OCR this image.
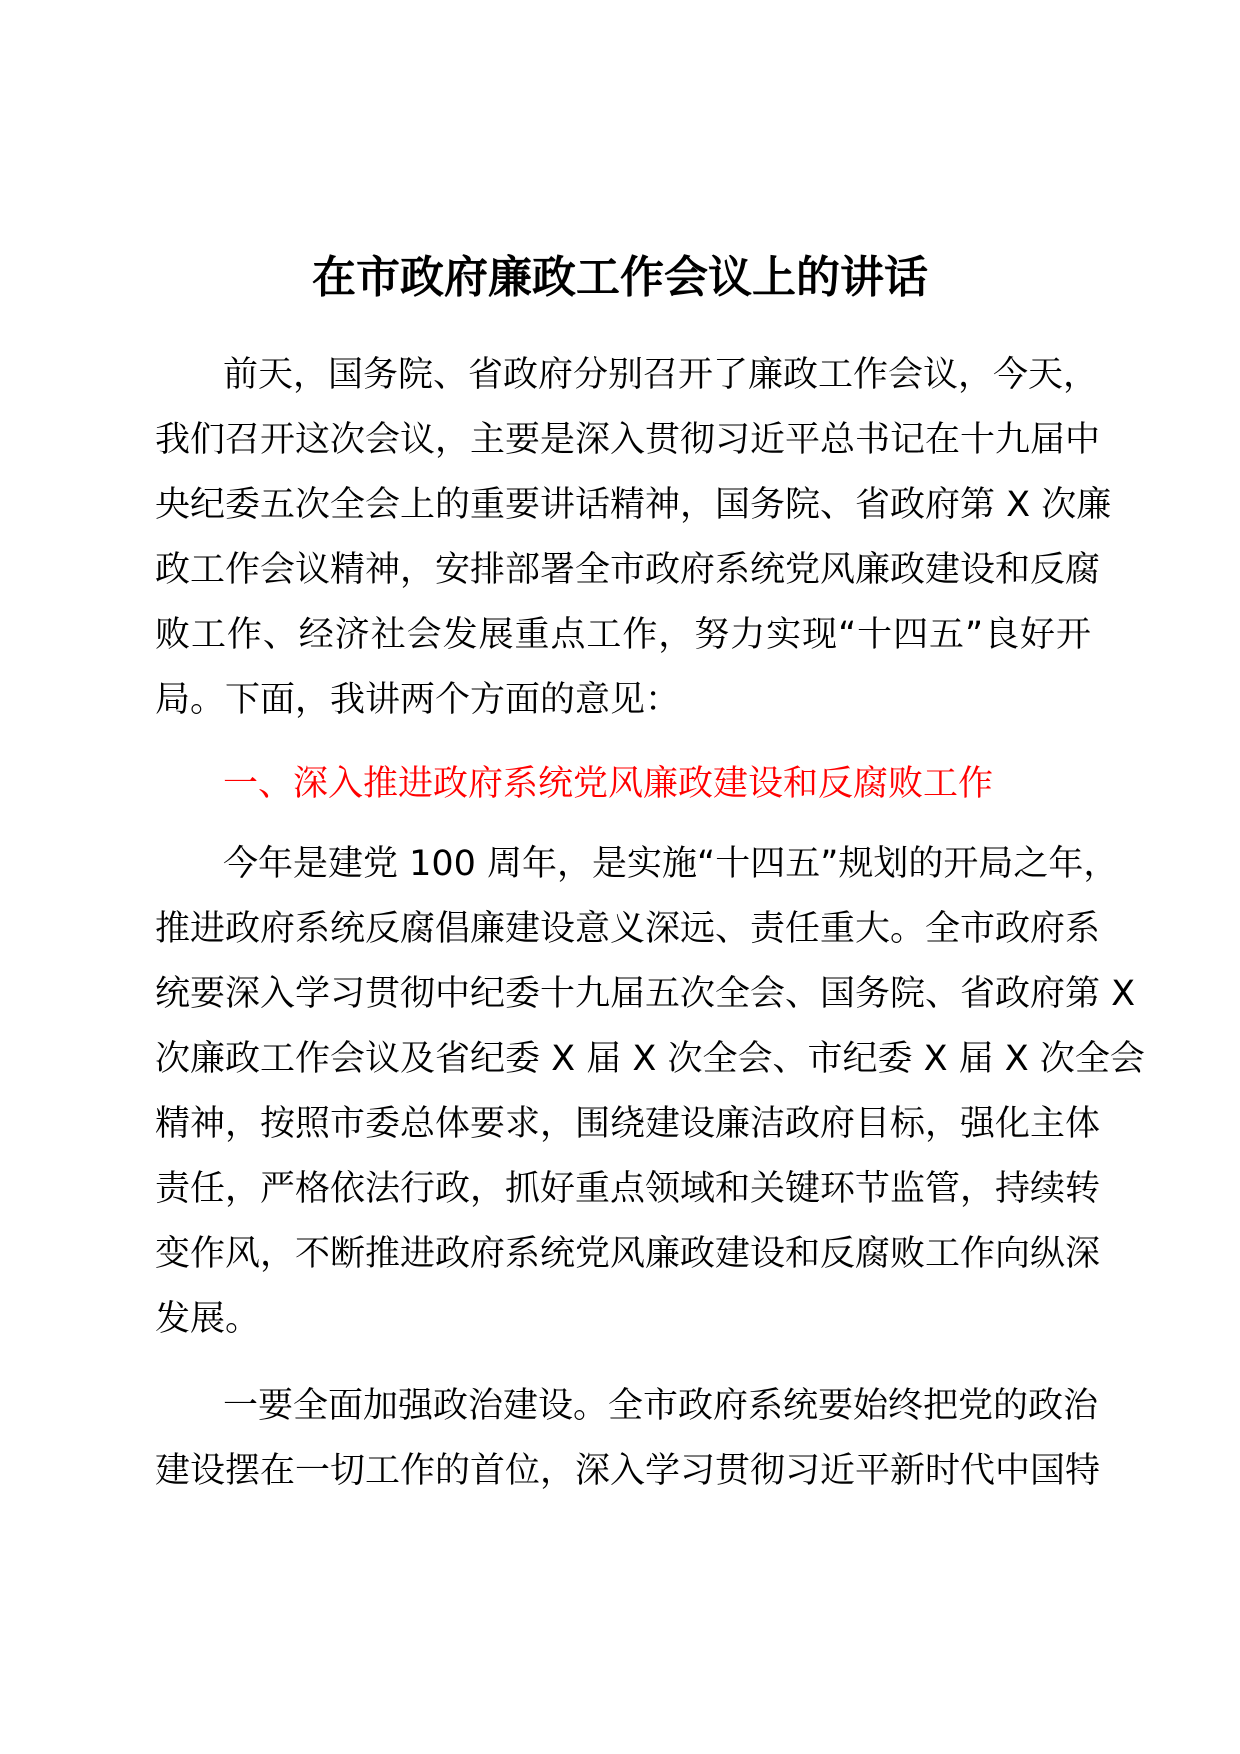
在市政府廉政工作会议上的讲话
前天，国务院、省政府分别召开了廉政工作会议，今天，
我们召开这次会议，主要是深入贯彻习近平总书记在十九届中
央纪委五次全会上的重要讲话精神，国务院、省政府第 X 次廉
政工作会议精神，安排部署全市政府系统党风廉政建设和反腐
败工作、经济社会发展重点工作，努力实现“十四五”良好开
局。下面，我讲两个方面的意见：
一、深入推进政府系统党风廉政建设和反腐败工作
今年是建党 100 周年，是实施“十四五”规划的开局之年，
推进政府系统反腐倡廉建设意义深远、责任重大。全市政府系
统要深入学习贯彻中纪委十九届五次全会、国务院、省政府第 X
次廉政工作会议及省纪委 X 届 X 次全会、市纪委 X 届 X 次全会
精神，按照市委总体要求，围绕建设廉洁政府目标，强化主体
责任，严格依法行政，抓好重点领域和关键环节监管，持续转
变作风，不断推进政府系统党风廉政建设和反腐败工作向纵深
发展。
一要全面加强政治建设。全市政府系统要始终把党的政治
建设摆在一切工作的首位，深入学习贯彻习近平新时代中国特
